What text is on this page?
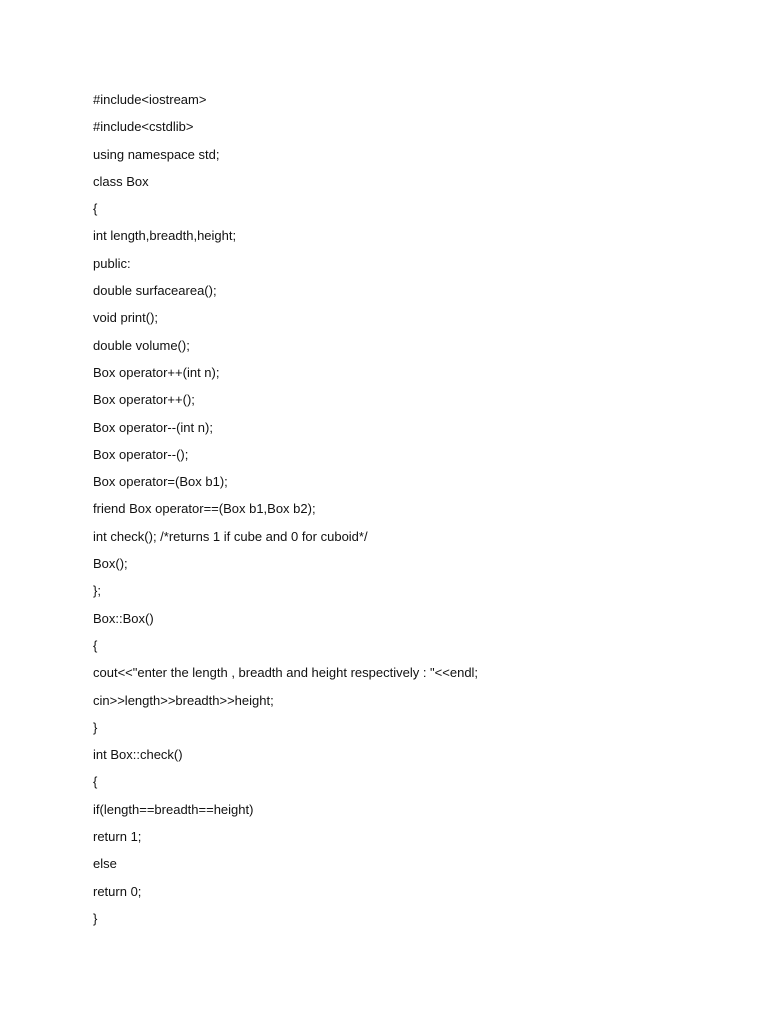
#include<iostream>
#include<cstdlib>
using namespace std;
class Box
{
int length,breadth,height;
public:
double surfacearea();
void print();
double volume();
Box operator++(int n);
Box operator++();
Box operator--(int n);
Box operator--();
Box operator=(Box b1);
friend Box operator==(Box b1,Box b2);
int check(); /*returns 1 if cube and 0 for cuboid*/
Box();
};
Box::Box()
{
cout<<"enter the length , breadth and height respectively : "<<endl;
cin>>length>>breadth>>height;
}
int Box::check()
{
if(length==breadth==height)
return 1;
else
return 0;
}
